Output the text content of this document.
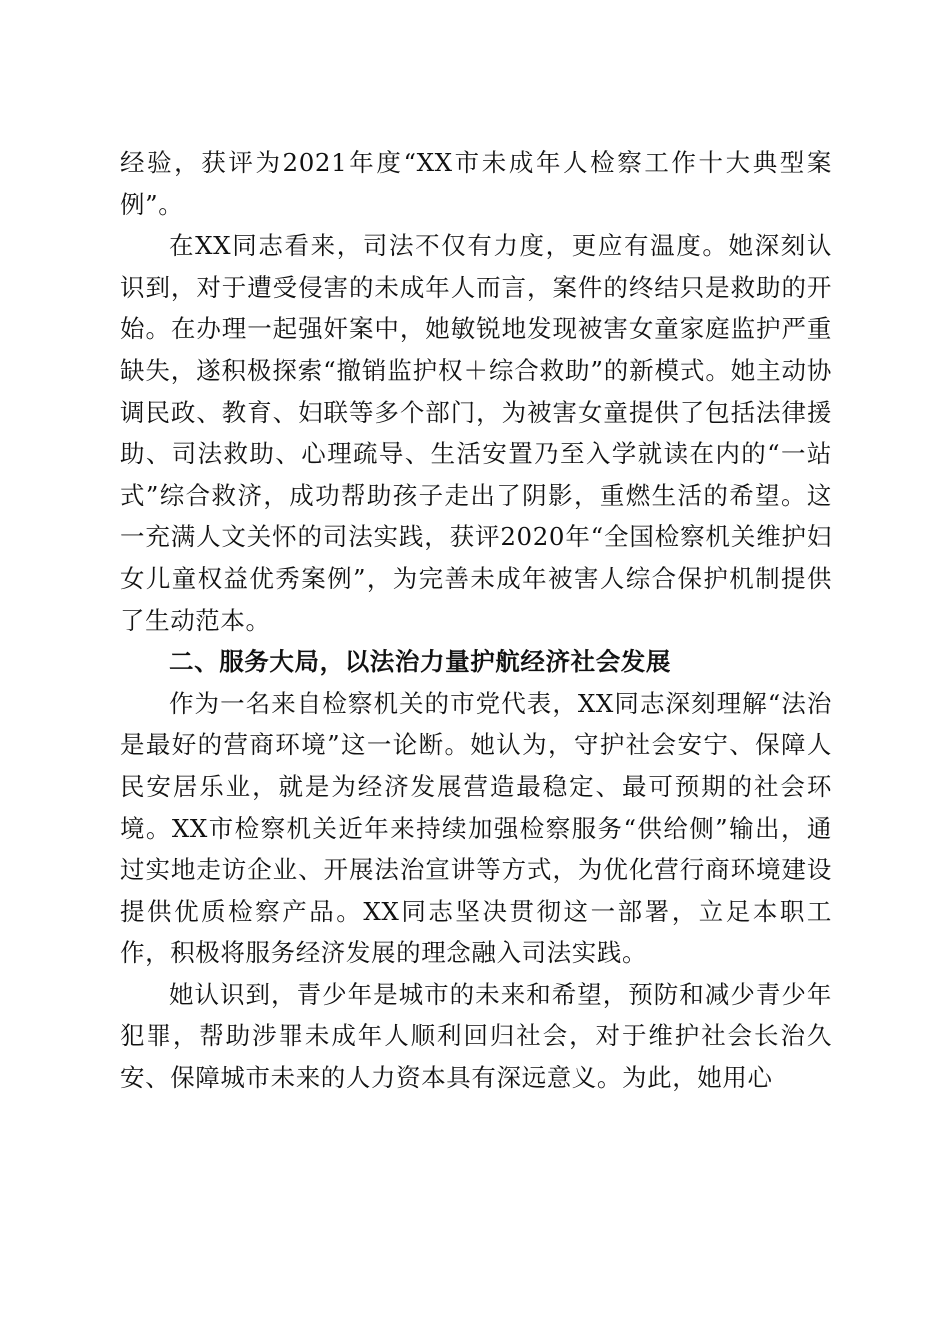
经验，获评为2021年度“XX市未成年人检察工作十大典型案例”。

在XX同志看来，司法不仅有力度，更应有温度。她深刻认识到，对于遭受侵害的未成年人而言，案件的终结只是救助的开始。在办理一起强奸案中，她敏锐地发现被害女童家庭监护严重缺失，遂积极探索“撤销监护权＋综合救助”的新模式。她主动协调民政、教育、妇联等多个部门，为被害女童提供了包括法律援助、司法救助、心理疏导、生活安置乃至入学就读在内的“一站式”综合救济，成功帮助孩子走出了阴影，重燃生活的希望。这一充满人文关怀的司法实践，获评2020年“全国检察机关维护妇女儿童权益优秀案例”，为完善未成年被害人综合保护机制提供了生动范本。

二、服务大局，以法治力量护航经济社会发展

作为一名来自检察机关的市党代表，XX同志深刻理解“法治是最好的营商环境”这一论断。她认为，守护社会安宁、保障人民安居乐业，就是为经济发展营造最稳定、最可预期的社会环境。XX市检察机关近年来持续加强检察服务“供给侧”输出，通过实地走访企业、开展法治宣讲等方式，为优化营行商环境建设提供优质检察产品。XX同志坚决贯彻这一部署，立足本职工作，积极将服务经济发展的理念融入司法实践。

她认识到，青少年是城市的未来和希望，预防和减少青少年犯罪，帮助涉罪未成年人顺利回归社会，对于维护社会长治久安、保障城市未来的人力资本具有深远意义。为此，她用心
